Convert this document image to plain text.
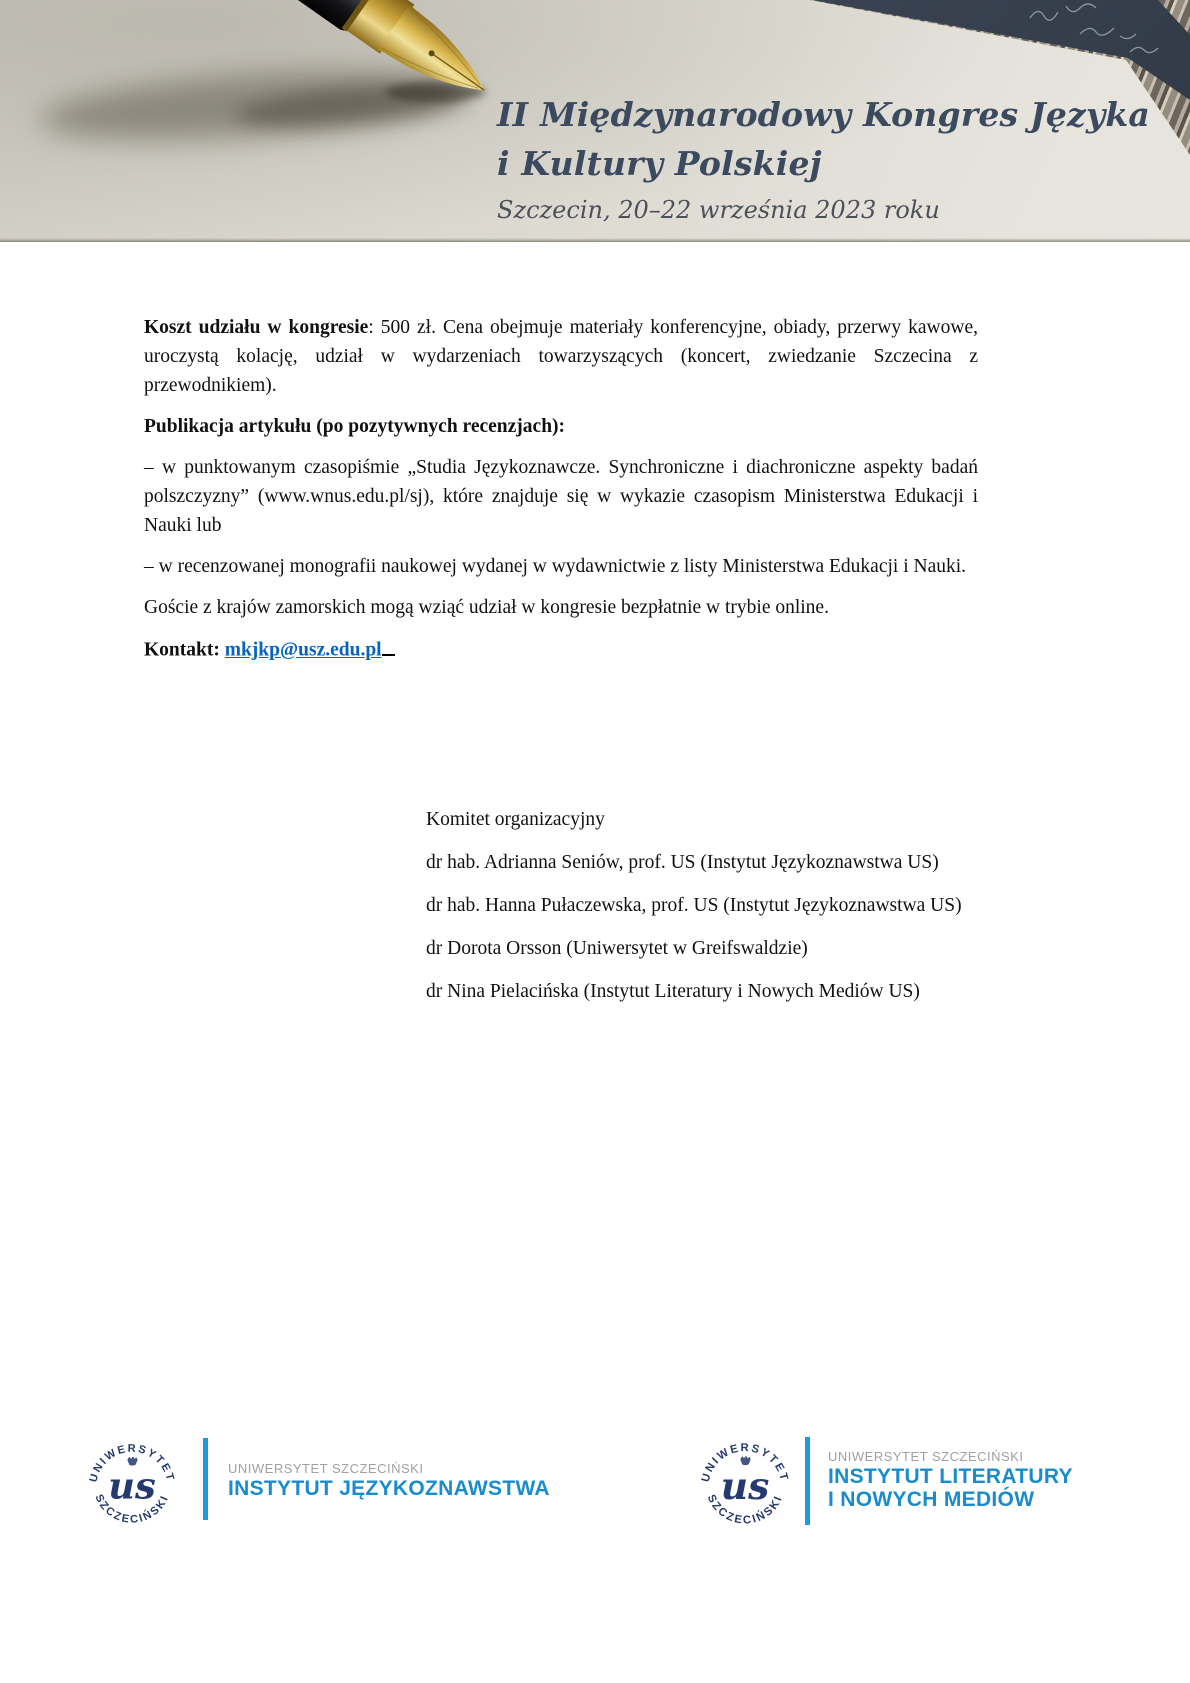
II Międzynarodowy Kongres Języka
i Kultury Polskiej
Szczecin, 20–22 września 2023 roku

Koszt udziału w kongresie: 500 zł. Cena obejmuje materiały konferencyjne, obiady, przerwy kawowe, uroczystą kolację, udział w wydarzeniach towarzyszących (koncert, zwiedzanie Szczecina z przewodnikiem).

Publikacja artykułu (po pozytywnych recenzjach):

– w punktowanym czasopiśmie „Studia Językoznawcze. Synchroniczne i diachroniczne aspekty badań polszczyzny” (www.wnus.edu.pl/sj), które znajduje się w wykazie czasopism Ministerstwa Edukacji i Nauki lub

– w recenzowanej monografii naukowej wydanej w wydawnictwie z listy Ministerstwa Edukacji i Nauki.

Goście z krajów zamorskich mogą wziąć udział w kongresie bezpłatnie w trybie online.

Kontakt: mkjkp@usz.edu.pl

Komitet organizacyjny

dr hab. Adrianna Seniów, prof. US (Instytut Językoznawstwa US)

dr hab. Hanna Pułaczewska, prof. US (Instytut Językoznawstwa US)

dr Dorota Orsson (Uniwersytet w Greifswaldzie)

dr Nina Pielacińska (Instytut Literatury i Nowych Mediów US)

UNIWERSYTET
SZCZECIŃSKI
us	UNIWERSYTET SZCZECIŃSKI
INSTYTUT JĘZYKOZNAWSTWA
UNIWERSYTET
SZCZECIŃSKI
us
UNIWERSYTET SZCZECIŃSKI
INSTYTUT LITERATURY
I NOWYCH MEDIÓW
